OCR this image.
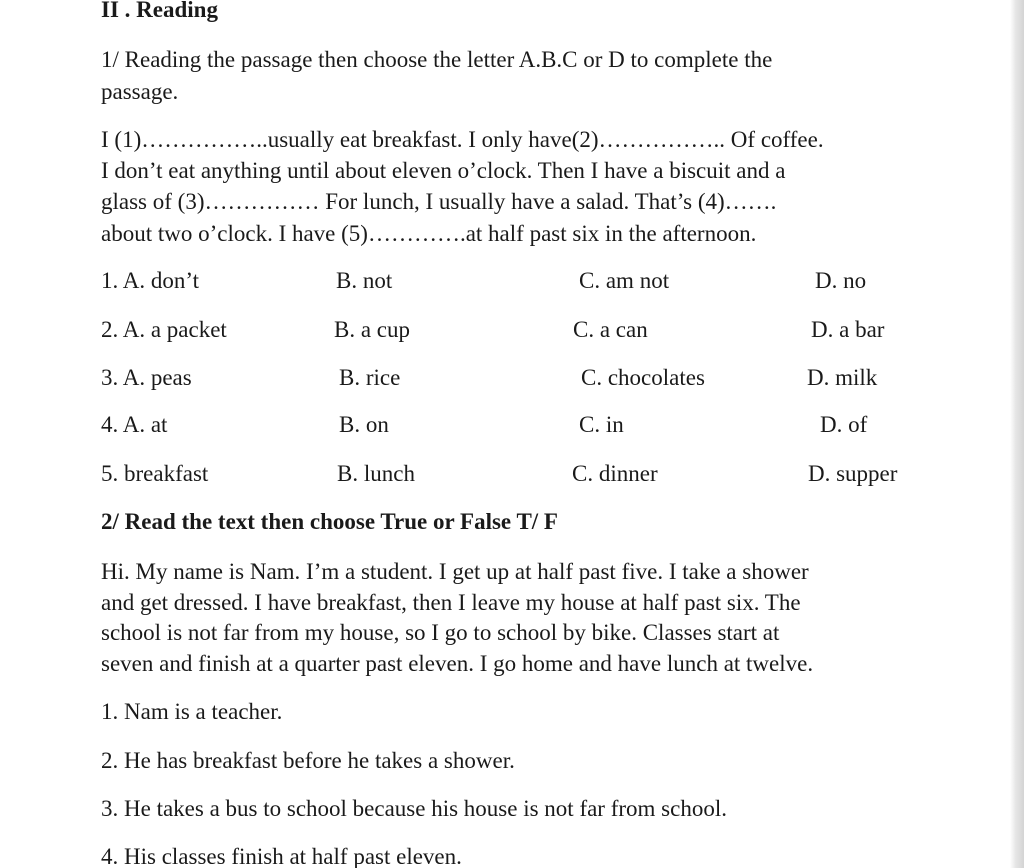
II . Reading
1/ Reading the passage then choose the letter A.B.C or D to complete the
passage.
I (1)……………..usually eat breakfast. I only have(2)…………….. Of coffee.
I don’t eat anything until about eleven o’clock. Then I have a biscuit and a
glass of (3)…………… For lunch, I usually have a salad. That’s (4)…….
about two o’clock. I have (5)………….at half past six in the afternoon.
1. A. don’t	B. not	C. am not	D. no
2. A. a packet	B. a cup	C. a can	D. a bar
3. A. peas	B. rice	C. chocolates	D. milk
4. A. at	B. on	C. in	D. of
5. breakfast	B. lunch	C. dinner	D. supper
2/ Read the text then choose True or False T/ F
Hi. My name is Nam. I’m a student. I get up at half past five. I take a shower
and get dressed. I have breakfast, then I leave my house at half past six. The
school is not far from my house, so I go to school by bike. Classes start at
seven and finish at a quarter past eleven. I go home and have lunch at twelve.
1. Nam is a teacher.
2. He has breakfast before he takes a shower.
3. He takes a bus to school because his house is not far from school.
4. His classes finish at half past eleven.
